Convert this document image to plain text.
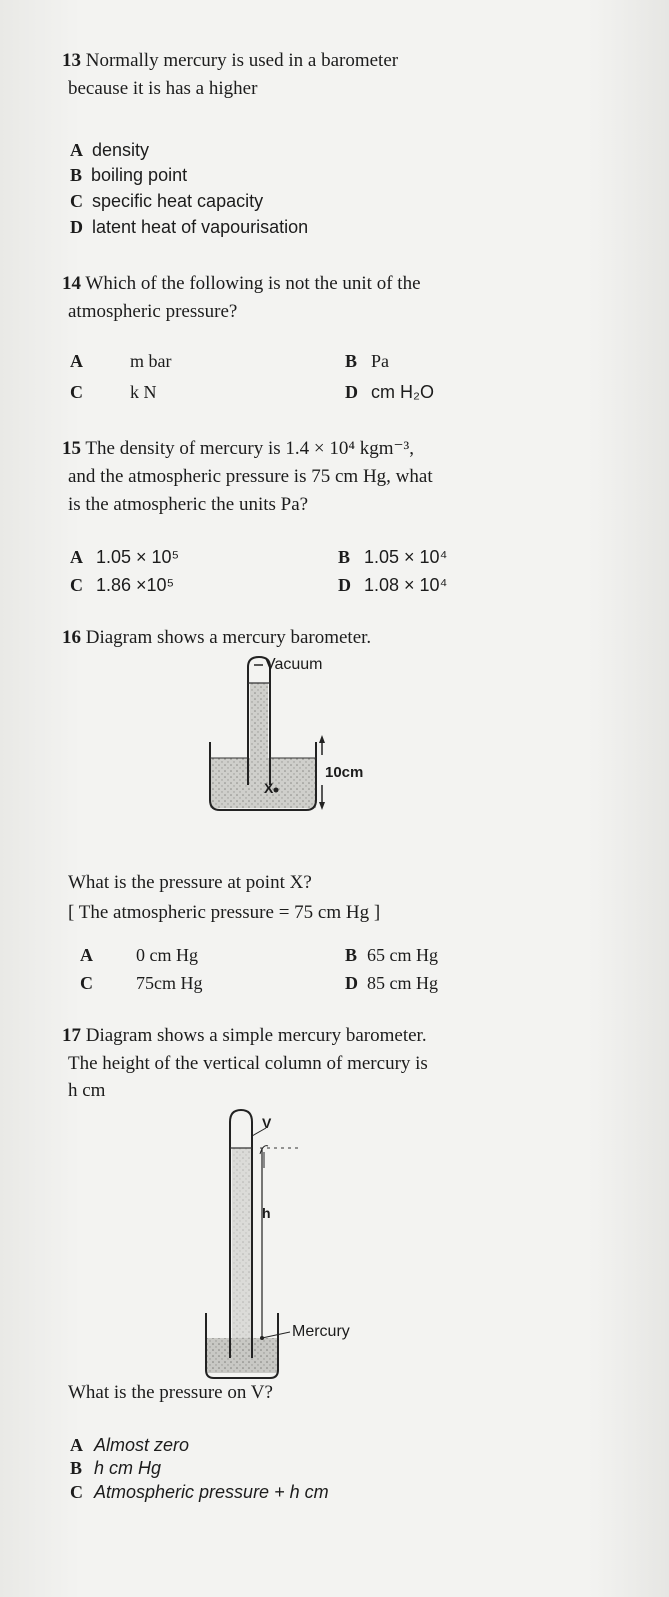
13 Normally mercury is used in a barometer
because it is has a higher
A density
B boiling point
C specific heat capacity
D latent heat of vapourisation
14 Which of the following is not the unit of the
atmospheric pressure?
A	m bar	B Pa
C	k N	D cm H₂O
15 The density of mercury is 1.4 × 10⁴ kgm⁻³,
and the atmospheric pressure is 75 cm Hg, what
is the atmospheric the units Pa?
A 1.05 × 10⁵	B 1.05 × 10⁴
C 1.86 ×10⁵	D 1.08 × 10⁴
16 Diagram shows a mercury barometer.
Vacuum
10cm
X
What is the pressure at point X?
[ The atmospheric pressure = 75 cm Hg ]
A 0 cm Hg	B 65 cm Hg
C 75cm Hg	D 85 cm Hg
17 Diagram shows a simple mercury barometer.
The height of the vertical column of mercury is
h cm
V
h
Mercury
What is the pressure on V?
A Almost zero
B h cm Hg
C Atmospheric pressure + h cm
